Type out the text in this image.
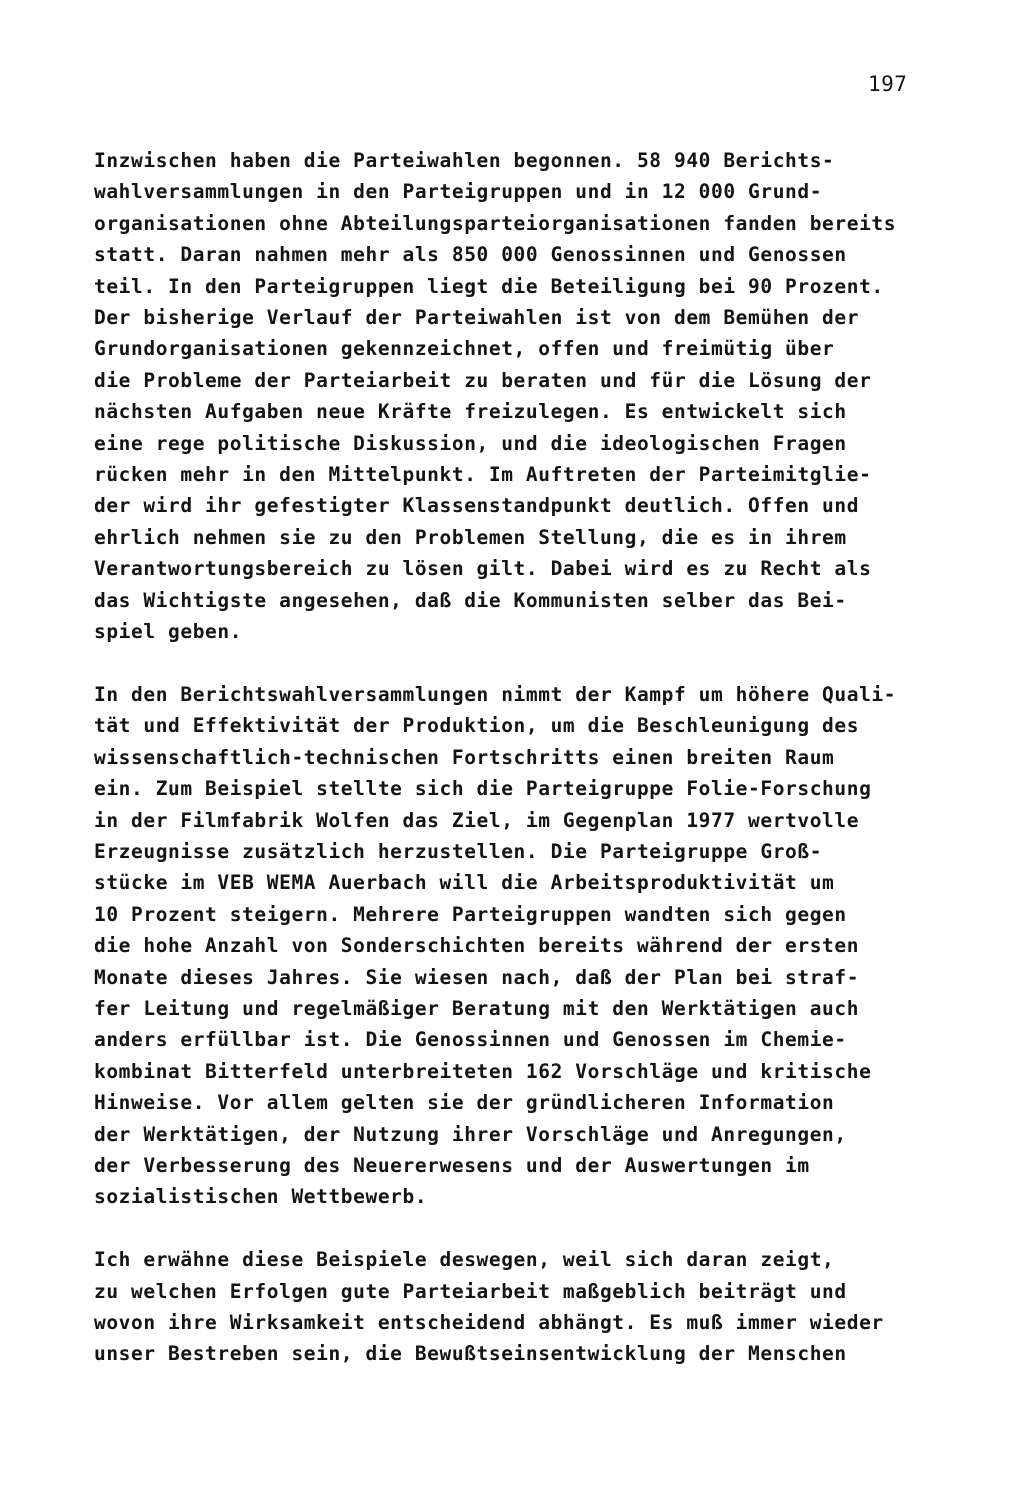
197
Inzwischen haben die Parteiwahlen begonnen. 58 940 Berichts-
wahlversammlungen in den Parteigruppen und in 12 000 Grund-
organisationen ohne Abteilungsparteiorganisationen fanden bereits
statt. Daran nahmen mehr als 850 000 Genossinnen und Genossen
teil. In den Parteigruppen liegt die Beteiligung bei 90 Prozent.
Der bisherige Verlauf der Parteiwahlen ist von dem Bemühen der
Grundorganisationen gekennzeichnet, offen und freimütig über
die Probleme der Parteiarbeit zu beraten und für die Lösung der
nächsten Aufgaben neue Kräfte freizulegen. Es entwickelt sich
eine rege politische Diskussion, und die ideologischen Fragen
rücken mehr in den Mittelpunkt. Im Auftreten der Parteimitglie-
der wird ihr gefestigter Klassenstandpunkt deutlich. Offen und
ehrlich nehmen sie zu den Problemen Stellung, die es in ihrem
Verantwortungsbereich zu lösen gilt. Dabei wird es zu Recht als
das Wichtigste angesehen, daß die Kommunisten selber das Bei-
spiel geben.
In den Berichtswahlversammlungen nimmt der Kampf um höhere Quali-
tät und Effektivität der Produktion, um die Beschleunigung des
wissenschaftlich-technischen Fortschritts einen breiten Raum
ein. Zum Beispiel stellte sich die Parteigruppe Folie-Forschung
in der Filmfabrik Wolfen das Ziel, im Gegenplan 1977 wertvolle
Erzeugnisse zusätzlich herzustellen. Die Parteigruppe Groß-
stücke im VEB WEMA Auerbach will die Arbeitsproduktivität um
10 Prozent steigern. Mehrere Parteigruppen wandten sich gegen
die hohe Anzahl von Sonderschichten bereits während der ersten
Monate dieses Jahres. Sie wiesen nach, daß der Plan bei straf-
fer Leitung und regelmäßiger Beratung mit den Werktätigen auch
anders erfüllbar ist. Die Genossinnen und Genossen im Chemie-
kombinat Bitterfeld unterbreiteten 162 Vorschläge und kritische
Hinweise. Vor allem gelten sie der gründlicheren Information
der Werktätigen, der Nutzung ihrer Vorschläge und Anregungen,
der Verbesserung des Neuererwesens und der Auswertungen im
sozialistischen Wettbewerb.
Ich erwähne diese Beispiele deswegen, weil sich daran zeigt,
zu welchen Erfolgen gute Parteiarbeit maßgeblich beiträgt und
wovon ihre Wirksamkeit entscheidend abhängt. Es muß immer wieder
unser Bestreben sein, die Bewußtseinsentwicklung der Menschen
